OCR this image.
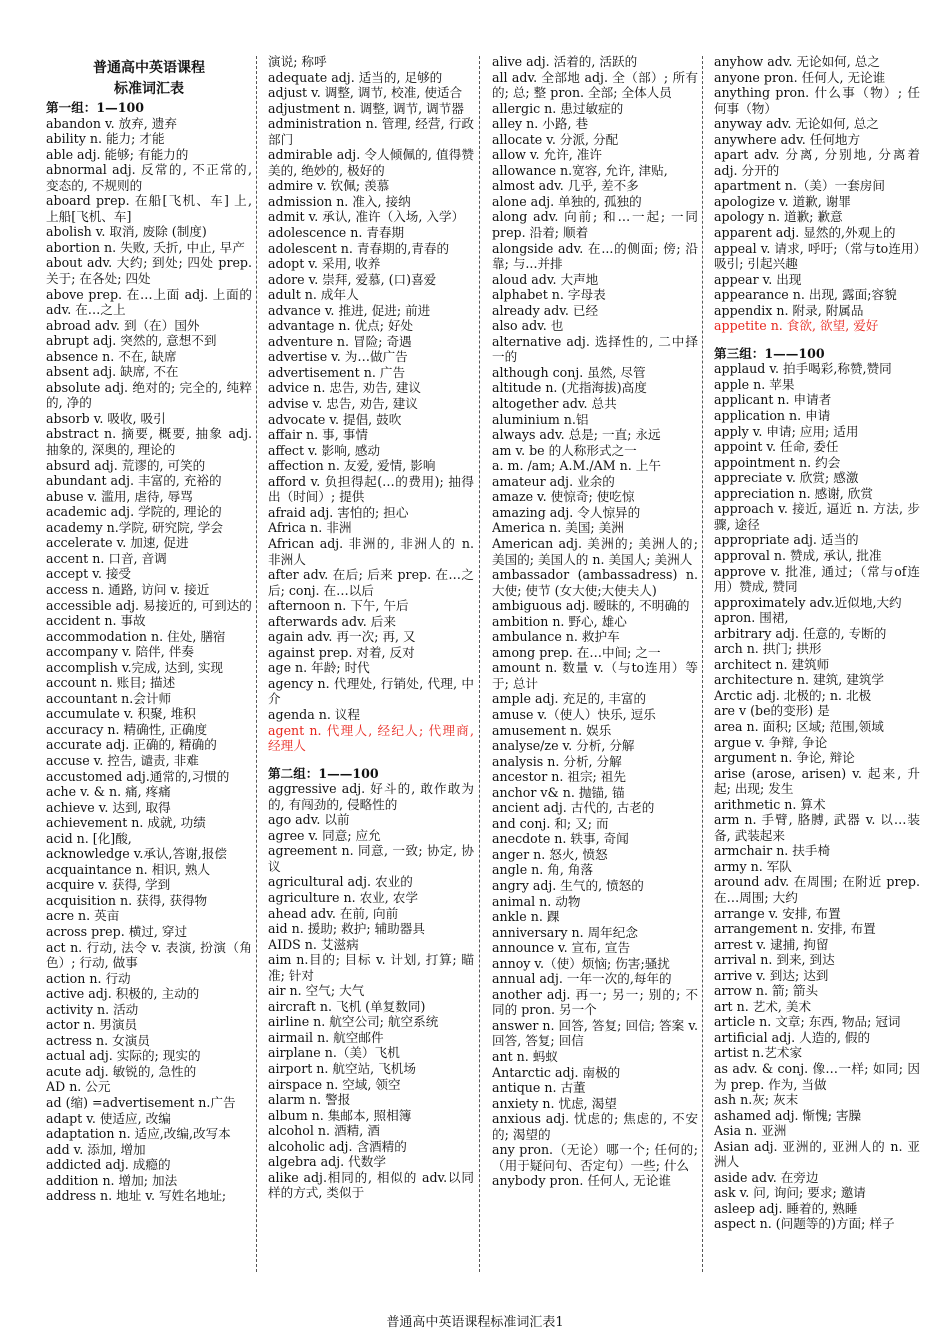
普通高中英语课程
标准词汇表
第一组：1—100
abandon v. 放弃, 遗弃
ability n. 能力; 才能
able adj. 能够; 有能力的
abnormal adj. 反常的, 不正常的, 变态的, 不规则的
aboard prep. 在船[飞机、车] 上, 上船[飞机、车]
abolish v. 取消, 废除 (制度)
abortion n. 失败, 夭折, 中止, 早产
about adv. 大约; 到处; 四处 prep. 关于; 在各处; 四处
above prep. 在…上面 adj. 上面的 adv. 在…之上
abroad adv. 到（在）国外
abrupt adj. 突然的, 意想不到
absence n. 不在, 缺席
absent adj. 缺席, 不在
absolute adj. 绝对的; 完全的, 纯粹的, 净的
absorb v. 吸收, 吸引
abstract n. 摘要, 概要, 抽象 adj. 抽象的, 深奥的, 理论的
absurd adj. 荒谬的, 可笑的
abundant adj. 丰富的, 充裕的
abuse v. 滥用, 虐待, 辱骂
academic adj. 学院的, 理论的
academy n.学院, 研究院, 学会
accelerate v. 加速, 促进
accent n. 口音, 音调
accept v. 接受
access n. 通路, 访问 v. 接近
accessible adj. 易接近的, 可到达的
accident n. 事故
accommodation n. 住处, 膳宿
accompany v. 陪伴, 伴奏
accomplish v.完成, 达到, 实现
account n. 账目; 描述
accountant n.会计师
accumulate v. 积聚, 堆积
accuracy n. 精确性, 正确度
accurate adj. 正确的, 精确的
accuse v. 控告, 谴责, 非难
accustomed adj.通常的,习惯的
ache v. & n. 痛, 疼痛
achieve v. 达到, 取得
achievement n. 成就, 功绩
acid n. [化]酸,
acknowledge v.承认,答谢,报偿
acquaintance n. 相识, 熟人
acquire v. 获得, 学到
acquisition n. 获得, 获得物
acre n. 英亩
across prep. 横过, 穿过
act n. 行动, 法令 v. 表演, 扮演（角色）; 行动, 做事
action n. 行动
active adj. 积极的, 主动的
activity n. 活动
actor n. 男演员
actress n. 女演员
actual adj. 实际的; 现实的
acute adj. 敏锐的, 急性的
AD n. 公元
ad (缩) =advertisement n.广告
adapt v. 使适应, 改编
adaptation n. 适应,改编,改写本
add v. 添加, 增加
addicted adj. 成瘾的
addition n. 增加; 加法
address n. 地址 v. 写姓名地址;
演说; 称呼
adequate adj. 适当的, 足够的
adjust v. 调整, 调节, 校准, 使适合
adjustment n. 调整, 调节, 调节器
administration n. 管理, 经营, 行政部门
admirable adj. 令人倾佩的, 值得赞美的, 绝妙的, 极好的
admire v. 钦佩; 羡慕
admission n. 准入, 接纳
admit v. 承认, 准许（入场, 入学）
adolescence n. 青春期
adolescent n. 青春期的,青春的
adopt v. 采用, 收养
adore v. 崇拜, 爱慕, (口)喜爱
adult n. 成年人
advance v. 推进, 促进; 前进
advantage n. 优点; 好处
adventure n. 冒险; 奇遇
advertise v. 为…做广告
advertisement n. 广告
advice n. 忠告, 劝告, 建议
advise v. 忠告, 劝告, 建议
advocate v. 提倡, 鼓吹
affair n. 事, 事情
affect v. 影响, 感动
affection n. 友爱, 爱情, 影响
afford v. 负担得起(…的费用); 抽得出（时间）; 提供
afraid adj. 害怕的; 担心
Africa n. 非洲
African adj. 非洲的, 非洲人的 n. 非洲人
after adv. 在后; 后来 prep. 在…之后; conj. 在…以后
afternoon n. 下午, 午后
afterwards adv. 后来
again adv. 再一次; 再, 又
against prep. 对着, 反对
age n. 年龄; 时代
agency n. 代理处, 行销处, 代理, 中介
agenda n. 议程
agent n. 代理人, 经纪人; 代理商, 经理人
第二组：1——100
aggressive adj. 好斗的, 敢作敢为的, 有闯劲的, 侵略性的
ago adv. 以前
agree v. 同意; 应允
agreement n. 同意, 一致; 协定, 协议
agricultural adj. 农业的
agriculture n. 农业, 农学
ahead adv. 在前, 向前
aid n. 援助; 救护; 辅助器具
AIDS n. 艾滋病
aim n.目的; 目标 v. 计划, 打算; 瞄准; 针对
air n. 空气; 大气
aircraft n. 飞机 (单复数同)
airline n. 航空公司; 航空系统
airmail n. 航空邮件
airplane n.（美）飞机
airport n. 航空站, 飞机场
airspace n. 空域, 领空
alarm n. 警报
album n. 集邮本, 照相簿
alcohol n. 酒精, 酒
alcoholic adj. 含酒精的
algebra adj. 代数学
alike adj.相同的, 相似的 adv.以同样的方式, 类似于
alive adj. 活着的, 活跃的
all adv. 全部地 adj. 全（部）; 所有的; 总; 整 pron. 全部; 全体人员
allergic n. 患过敏症的
alley n. 小路, 巷
allocate v. 分派, 分配
allow v. 允许, 准许
allowance n.宽容, 允许, 津贴,
almost adv. 几乎, 差不多
alone adj. 单独的, 孤独的
along adv. 向前; 和…一起; 一同 prep. 沿着; 顺着
alongside adv. 在...的侧面; 傍; 沿靠; 与...并排
aloud adv. 大声地
alphabet n. 字母表
already adv. 已经
also adv. 也
alternative adj. 选择性的, 二中择一的
although conj. 虽然, 尽管
altitude n. (尤指海拔)高度
altogether adv. 总共
aluminium n.铝
always adv. 总是; 一直; 永远
am v. be 的人称形式之一
a. m. /am; A.M./AM n. 上午
amateur adj. 业余的
amaze v. 使惊奇; 使吃惊
amazing adj. 令人惊异的
America n. 美国; 美洲
American adj. 美洲的; 美洲人的; 美国的; 美国人的 n. 美国人; 美洲人
ambassador (ambassadress) n. 大使; 使节 (女大使;大使夫人)
ambiguous adj. 暧昧的, 不明确的
ambition n. 野心, 雄心
ambulance n. 救护车
among prep. 在…中间; 之一
amount n. 数量 v.（与to连用）等于; 总计
ample adj. 充足的, 丰富的
amuse v.（使人）快乐, 逗乐
amusement n. 娱乐
analyse/ze v. 分析, 分解
analysis n. 分析, 分解
ancestor n. 祖宗; 祖先
anchor v& n. 抛锚, 锚
ancient adj. 古代的, 古老的
and conj. 和; 又; 而
anecdote n. 轶事, 奇闻
anger n. 怒火, 愤怒
angle n. 角, 角落
angry adj. 生气的, 愤怒的
animal n. 动物
ankle n. 踝
anniversary n. 周年纪念
announce v. 宣布, 宣告
annoy v.（使）烦恼; 伤害;骚扰
annual adj. 一年一次的,每年的
another adj. 再一; 另一; 别的; 不同的 pron. 另一个
answer n. 回答, 答复; 回信; 答案 v. 回答, 答复; 回信
ant n. 蚂蚁
Antarctic adj. 南极的
antique n. 古董
anxiety n. 忧虑, 渴望
anxious adj. 忧虑的; 焦虑的, 不安的; 渴望的
any pron.（无论）哪一个; 任何的;（用于疑问句、否定句）一些; 什么
anybody pron. 任何人, 无论谁
anyhow adv. 无论如何, 总之
anyone pron. 任何人, 无论谁
anything pron. 什么事（物）; 任何事（物）
anyway adv. 无论如何, 总之
anywhere adv. 任何地方
apart adv. 分离, 分别地, 分离着 adj. 分开的
apartment n.（美）一套房间
apologize v. 道歉, 谢罪
apology n. 道歉; 歉意
apparent adj. 显然的,外观上的
appeal v. 请求, 呼吁;（常与to连用）吸引; 引起兴趣
appear v. 出现
appearance n. 出现, 露面;容貌
appendix n. 附录, 附属品
appetite n. 食欲, 欲望, 爱好
第三组：1——100
applaud v. 拍手喝彩,称赞,赞同
apple n. 苹果
applicant n. 申请者
application n. 申请
apply v. 申请; 应用; 适用
appoint v. 任命, 委任
appointment n. 约会
appreciate v. 欣赏; 感激
appreciation n. 感谢, 欣赏
approach v. 接近, 逼近 n. 方法, 步骤, 途径
appropriate adj. 适当的
approval n. 赞成, 承认, 批准
approve v. 批准, 通过;（常与of连用）赞成, 赞同
approximately adv.近似地,大约
apron. 围裙,
arbitrary adj. 任意的, 专断的
arch n. 拱门; 拱形
architect n. 建筑师
architecture n. 建筑, 建筑学
Arctic adj. 北极的; n. 北极
are v (be的变形) 是
area n. 面积; 区域; 范围,领域
argue v. 争辩, 争论
argument n. 争论, 辩论
arise (arose, arisen) v. 起来, 升起; 出现; 发生
arithmetic n. 算术
arm n. 手臂, 胳膊, 武器 v. 以…装备, 武装起来
armchair n. 扶手椅
army n. 军队
around adv. 在周围; 在附近 prep. 在…周围; 大约
arrange v. 安排, 布置
arrangement n. 安排, 布置
arrest v. 逮捕, 拘留
arrival n. 到来, 到达
arrive v. 到达; 达到
arrow n. 箭; 箭头
art n. 艺术, 美术
article n. 文章; 东西, 物品; 冠词
artificial adj. 人造的, 假的
artist n.艺术家
as adv. & conj. 像…一样; 如同; 因为 prep. 作为, 当做
ash n.灰; 灰末
ashamed adj. 惭愧; 害臊
Asia n. 亚洲
Asian adj. 亚洲的, 亚洲人的 n. 亚洲人
aside adv. 在旁边
ask v. 问, 询问; 要求; 邀请
asleep adj. 睡着的, 熟睡
aspect n. (问题等的)方面; 样子
普通高中英语课程标准词汇表1
